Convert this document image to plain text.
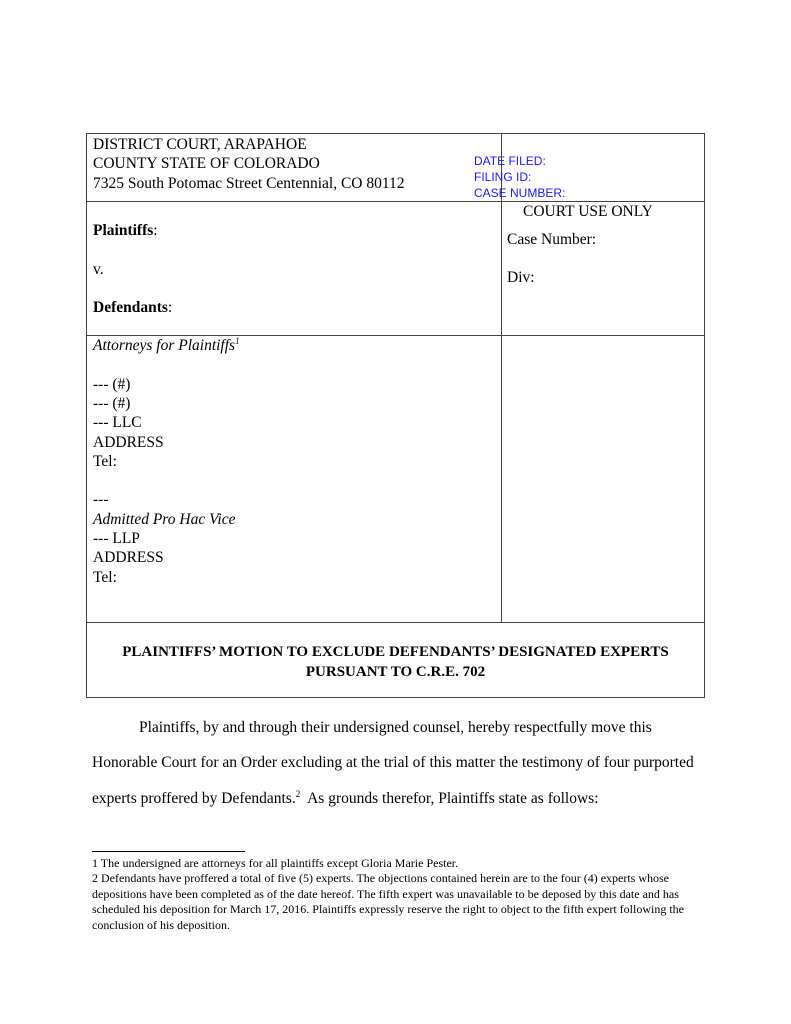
DISTRICT COURT, ARAPAHOE
COUNTY STATE OF COLORADO
7325 South Potomac Street Centennial, CO 80112
DATE FILED:
FILING ID:
CASE NUMBER:
COURT USE ONLY
Case Number:
Div:
Plaintiffs:
v.
Defendants:
Attorneys for Plaintiffs$^1$
--- (#)
--- (#)
--- LLC
ADDRESS
Tel:
---
Admitted Pro Hac Vice
--- LLP
ADDRESS
Tel:
PLAINTIFFS’ MOTION TO EXCLUDE DEFENDANTS’ DESIGNATED EXPERTS
PURSUANT TO C.R.E. 702
Plaintiffs, by and through their undersigned counsel, hereby respectfully move this
Honorable Court for an Order excluding at the trial of this matter the testimony of four purported
experts proffered by Defendants.$^2$  As grounds therefor, Plaintiffs state as follows:
1 The undersigned are attorneys for all plaintiffs except Gloria Marie Pester.
2 Defendants have proffered a total of five (5) experts. The objections contained herein are to the four (4) experts whose depositions have been completed as of the date hereof. The fifth expert was unavailable to be deposed by this date and has scheduled his deposition for March 17, 2016. Plaintiffs expressly reserve the right to object to the fifth expert following the conclusion of his deposition.
